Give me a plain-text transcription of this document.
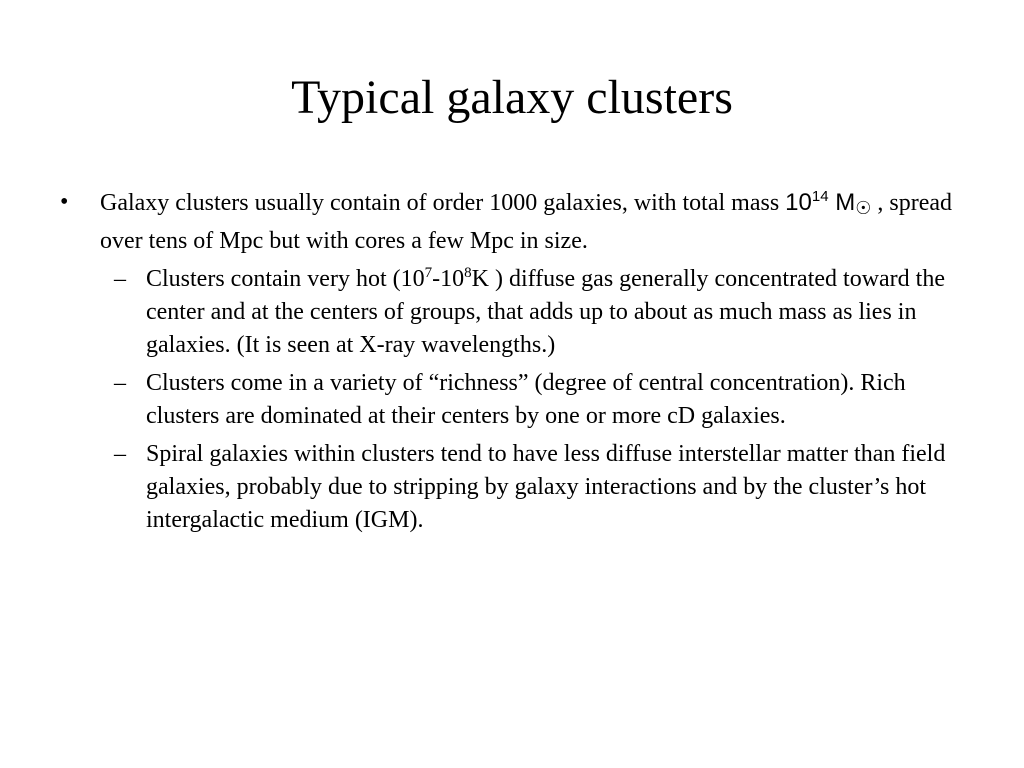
Typical galaxy clusters
• Galaxy clusters usually contain of order 1000 galaxies, with total mass $10^{14}$ $M_☉$ , spread over tens of Mpc but with cores a few Mpc in size.
– Clusters contain very hot ($10^7-10^8K$ ) diffuse gas generally concentrated toward the center and at the centers of groups, that adds up to about as much mass as lies in galaxies. (It is seen at X-ray wavelengths.)
– Clusters come in a variety of “richness” (degree of central concentration). Rich clusters are dominated at their centers by one or more cD galaxies.
– Spiral galaxies within clusters tend to have less diffuse interstellar matter than field galaxies, probably due to stripping by galaxy interactions and by the cluster’s hot intergalactic medium (IGM).
